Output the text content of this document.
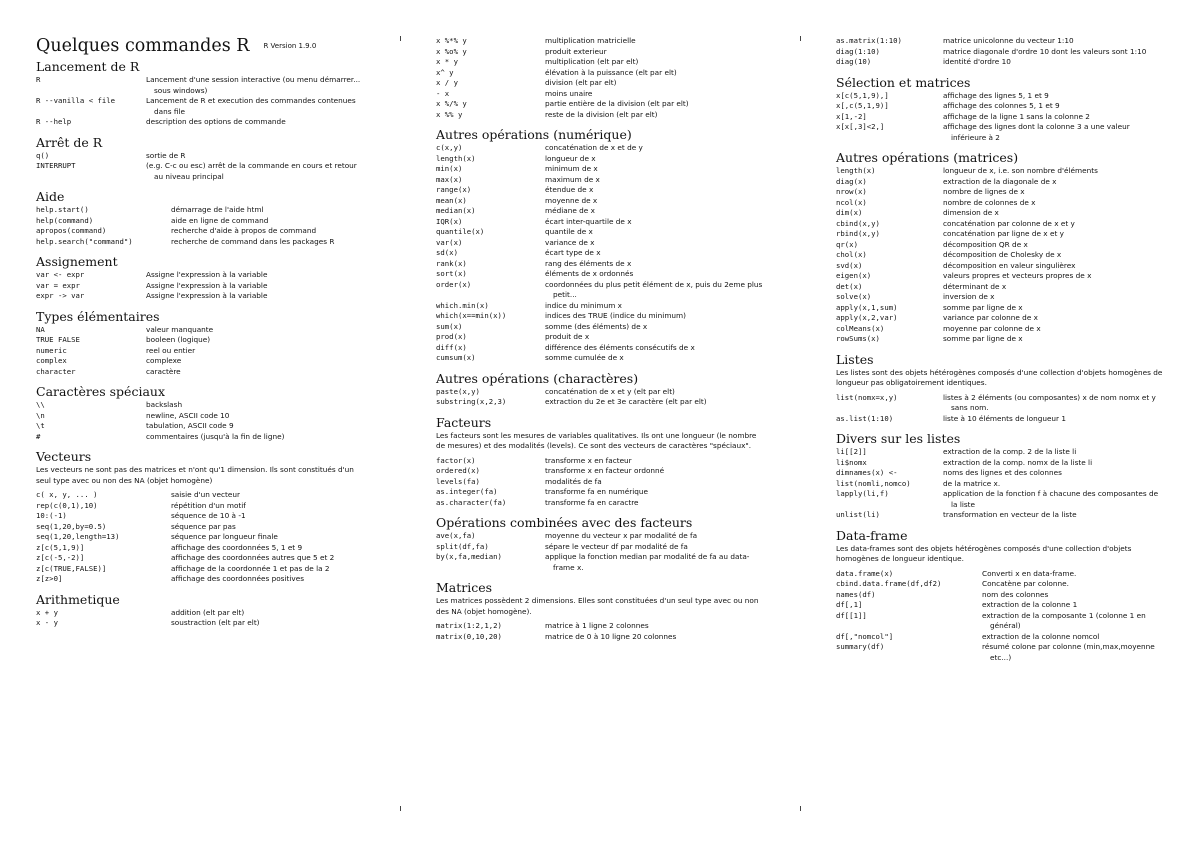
Quelques commandes R R Version 1.9.0
Lancement de R
R	Lancement d'une session interactive (ou menu démarrer... sous windows)
R --vanilla < file	Lancement de R et execution des commandes contenues dans file
R --help	description des options de commande
Arrêt de R
q()	sortie de R
INTERRUPT	(e.g. C-c ou esc) arrêt de la commande en cours et retour au niveau principal
Aide
help.start()	démarrage de l'aide html
help(command)	aide en ligne de command
apropos(command)	recherche d'aide à propos de command
help.search("command")	recherche de command dans les packages R
Assignement
var <- expr	Assigne l'expression à la variable
var = expr	Assigne l'expression à la variable
expr -> var	Assigne l'expression à la variable
Types élémentaires
NA	valeur manquante
TRUE FALSE	booleen (logique)
numeric	reel ou entier
complex	complexe
character	caractère
Caractères spéciaux
\\	backslash
\n	newline, ASCII code 10
\t	tabulation, ASCII code 9
#	commentaires (jusqu'à la fin de ligne)
Vecteurs
Les vecteurs ne sont pas des matrices et n'ont qu'1 dimension. Ils sont constitués d'un seul type avec ou non des NA (objet homogène)
c( x, y, ... )	saisie d'un vecteur
rep(c(0,1),10)	répétition d'un motif
10:(-1)	séquence de 10 à -1
seq(1,20,by=0.5)	séquence par pas
seq(1,20,length=13)	séquence par longueur finale
z[c(5,1,9)]	affichage des coordonnées 5, 1 et 9
z[c(-5,-2)]	affichage des coordonnées autres que 5 et 2
z[c(TRUE,FALSE)]	affichage de la coordonnée 1 et pas de la 2
z[z>0]	affichage des coordonnées positives
Arithmetique
x + y	addition (elt par elt)
x - y	soustraction (elt par elt)
x %*% y	multiplication matricielle
x %o% y	produit exterieur
x * y	multiplication (elt par elt)
x^ y	élévation à la puissance (elt par elt)
x / y	division (elt par elt)
- x	moins unaire
x %/% y	partie entière de la division (elt par elt)
x %% y	reste de la division (elt par elt)
Autres opérations (numérique)
c(x,y)	concaténation de x et de y
length(x)	longueur de x
min(x)	minimum de x
max(x)	maximum de x
range(x)	étendue de x
mean(x)	moyenne de x
median(x)	médiane de x
IQR(x)	écart inter-quartile de x
quantile(x)	quantile de x
var(x)	variance de x
sd(x)	écart type de x
rank(x)	rang des éléments de x
sort(x)	éléments de x ordonnés
order(x)	coordonnées du plus petit élément de x, puis du 2eme plus petit...
which.min(x)	indice du minimum x
which(x==min(x))	indices des TRUE (indice du minimum)
sum(x)	somme (des éléments) de x
prod(x)	produit de x
diff(x)	différence des éléments consécutifs de x
cumsum(x)	somme cumulée de x
Autres opérations (charactères)
paste(x,y)	concaténation de x et y (elt par elt)
substring(x,2,3)	extraction du 2e et 3e caractère (elt par elt)
Facteurs
Les facteurs sont les mesures de variables qualitatives. Ils ont une longueur (le nombre de mesures) et des modalités (levels). Ce sont des vecteurs de caractères "spéciaux".
factor(x)	transforme x en facteur
ordered(x)	transforme x en facteur ordonné
levels(fa)	modalités de fa
as.integer(fa)	transforme fa en numérique
as.character(fa)	transforme fa en caractre
Opérations combinées avec des facteurs
ave(x,fa)	moyenne du vecteur x par modalité de fa
split(df,fa)	sépare le vecteur df par modalité de fa
by(x,fa,median)	applique la fonction median par modalité de fa au data-frame x.
Matrices
Les matrices possèdent 2 dimensions. Elles sont constituées d'un seul type avec ou non des NA (objet homogène).
matrix(1:2,1,2)	matrice à 1 ligne 2 colonnes
matrix(0,10,20)	matrice de 0 à 10 ligne 20 colonnes
as.matrix(1:10)	matrice unicolonne du vecteur 1:10
diag(1:10)	matrice diagonale d'ordre 10 dont les valeurs sont 1:10
diag(10)	identité d'ordre 10
Sélection et matrices
x[c(5,1,9),]	affichage des lignes 5, 1 et 9
x[,c(5,1,9)]	affichage des colonnes 5, 1 et 9
x[1,-2]	affichage de la ligne 1 sans la colonne 2
x[x[,3]<2,]	affichage des lignes dont la colonne 3 a une valeur inférieure à 2
Autres opérations (matrices)
length(x)	longueur de x, i.e. son nombre d'éléments
diag(x)	extraction de la diagonale de x
nrow(x)	nombre de lignes de x
ncol(x)	nombre de colonnes de x
dim(x)	dimension de x
cbind(x,y)	concaténation par colonne de x et y
rbind(x,y)	concaténation par ligne de x et y
qr(x)	décomposition QR de x
chol(x)	décomposition de Cholesky de x
svd(x)	décomposition en valeur singulièrex
eigen(x)	valeurs propres et vecteurs propres de x
det(x)	déterminant de x
solve(x)	inversion de x
apply(x,1,sum)	somme par ligne de x
apply(x,2,var)	variance par colonne de x
colMeans(x)	moyenne par colonne de x
rowSums(x)	somme par ligne de x
Listes
Les listes sont des objets hétérogènes composés d'une collection d'objets homogènes de longueur pas obligatoirement identiques.
list(nomx=x,y)	listes à 2 éléments (ou composantes) x de nom nomx et y sans nom.
as.list(1:10)	liste à 10 éléments de longueur 1
Divers sur les listes
li[[2]]	extraction de la comp. 2 de la liste li
li$nomx	extraction de la comp. nomx de la liste li
dimnames(x) <-	noms des lignes et des colonnes
list(nomli,nomco)	de la matrice x.
lapply(li,f)	application de la fonction f à chacune des composantes de la liste
unlist(li)	transformation en vecteur de la liste
Data-frame
Les data-frames sont des objets hétérogènes composés d'une collection d'objets homogènes de longueur identique.
data.frame(x)	Converti x en data-frame.
cbind.data.frame(df,df2)	Concatène par colonne.
names(df)	nom des colonnes
df[,1]	extraction de la colonne 1
df[[1]]	extraction de la composante 1 (colonne 1 en général)
df[,"nomcol"]	extraction de la colonne nomcol
summary(df)	résumé colone par colonne (min,max,moyenne etc...)
